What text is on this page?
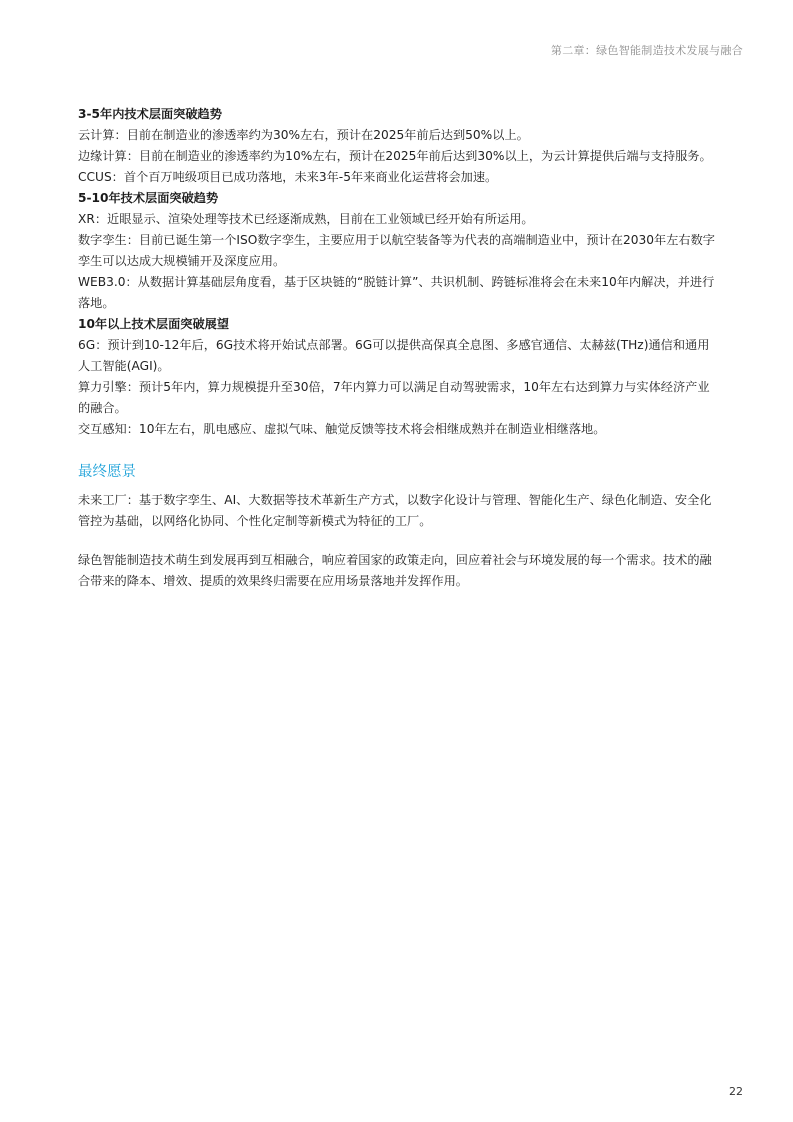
第二章：绿色智能制造技术发展与融合
3-5年内技术层面突破趋势

云计算：目前在制造业的渗透率约为30%左右，预计在2025年前后达到50%以上。

边缘计算：目前在制造业的渗透率约为10%左右，预计在2025年前后达到30%以上，为云计算提供后端与支持服务。

CCUS：首个百万吨级项目已成功落地，未来3年-5年来商业化运营将会加速。

5-10年技术层面突破趋势

XR：近眼显示、渲染处理等技术已经逐渐成熟，目前在工业领域已经开始有所运用。

数字孪生：目前已诞生第一个ISO数字孪生，主要应用于以航空装备等为代表的高端制造业中，预计在2030年左右数字孪生可以达成大规模铺开及深度应用。

WEB3.0：从数据计算基础层角度看，基于区块链的“脱链计算”、共识机制、跨链标准将会在未来10年内解决，并进行落地。

10年以上技术层面突破展望

6G：预计到10-12年后，6G技术将开始试点部署。6G可以提供高保真全息图、多感官通信、太赫兹(THz)通信和通用人工智能(AGI)。

算力引擎：预计5年内，算力规模提升至30倍，7年内算力可以满足自动驾驶需求，10年左右达到算力与实体经济产业的融合。

交互感知：10年左右，肌电感应、虚拟气味、触觉反馈等技术将会相继成熟并在制造业相继落地。

最终愿景

未来工厂：基于数字孪生、AI、大数据等技术革新生产方式，以数字化设计与管理、智能化生产、绿色化制造、安全化管控为基础，以网络化协同、个性化定制等新模式为特征的工厂。

绿色智能制造技术萌生到发展再到互相融合，响应着国家的政策走向，回应着社会与环境发展的每一个需求。技术的融合带来的降本、增效、提质的效果终归需要在应用场景落地并发挥作用。

22
